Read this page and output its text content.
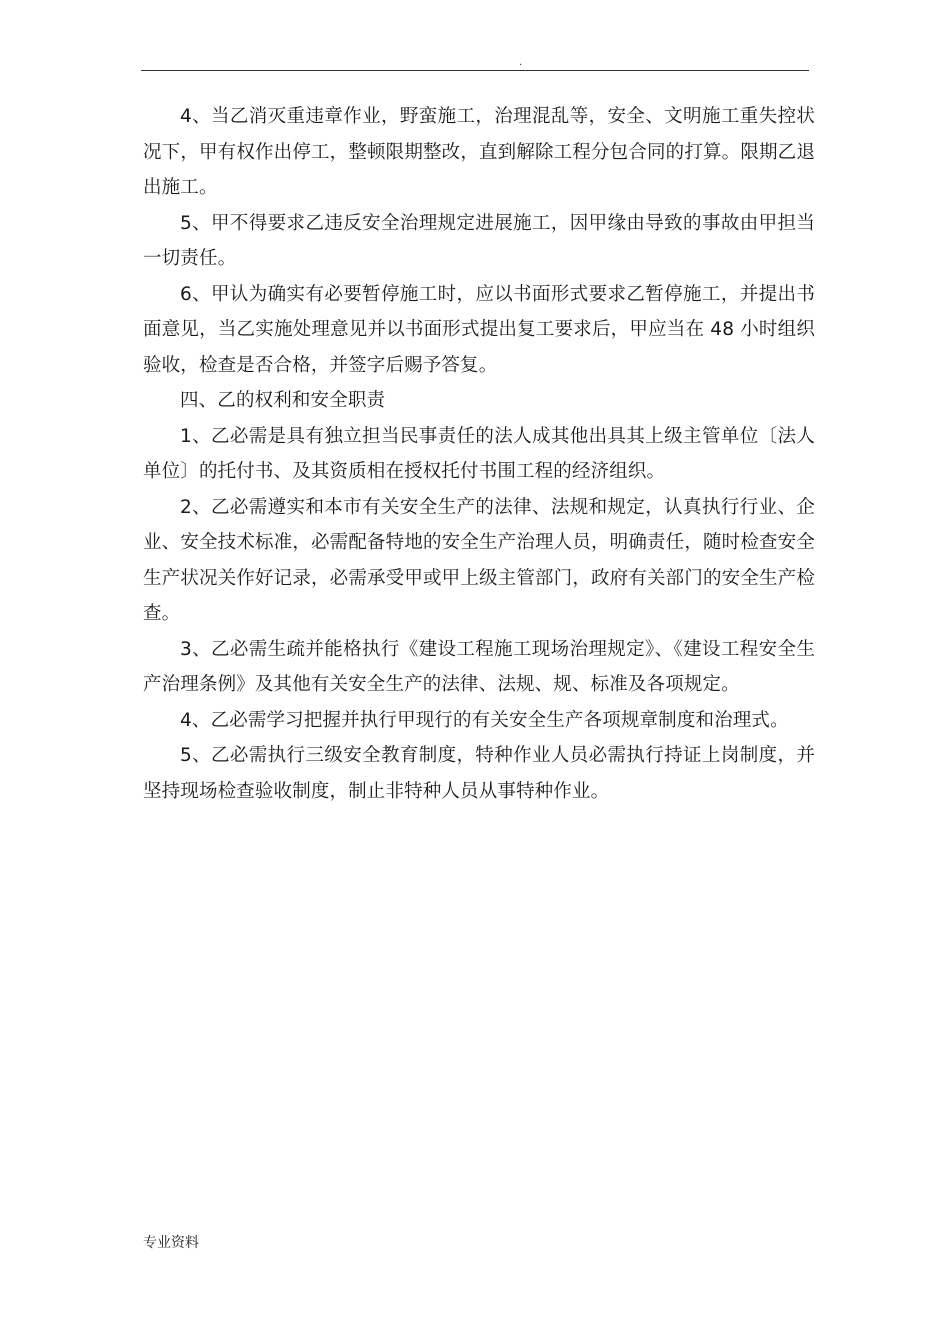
.

4、当乙消灭重违章作业，野蛮施工，治理混乱等，安全、文明施工重失控状况下，甲有权作出停工，整顿限期整改，直到解除工程分包合同的打算。限期乙退出施工。

5、甲不得要求乙违反安全治理规定进展施工，因甲缘由导致的事故由甲担当一切责任。

6、甲认为确实有必要暂停施工时，应以书面形式要求乙暂停施工，并提出书面意见，当乙实施处理意见并以书面形式提出复工要求后，甲应当在 48 小时组织验收，检查是否合格，并签字后赐予答复。

四、乙的权利和安全职责

1、乙必需是具有独立担当民事责任的法人成其他出具其上级主管单位〔法人单位〕的托付书、及其资质相在授权托付书围工程的经济组织。

2、乙必需遵实和本市有关安全生产的法律、法规和规定，认真执行行业、企业、安全技术标准，必需配备特地的安全生产治理人员，明确责任，随时检查安全生产状况关作好记录，必需承受甲或甲上级主管部门，政府有关部门的安全生产检查。

3、乙必需生疏并能格执行《建设工程施工现场治理规定》、《建设工程安全生产治理条例》及其他有关安全生产的法律、法规、规、标准及各项规定。

4、乙必需学习把握并执行甲现行的有关安全生产各项规章制度和治理式。

5、乙必需执行三级安全教育制度，特种作业人员必需执行持证上岗制度，并坚持现场检查验收制度，制止非特种人员从事特种作业。

专业资料
